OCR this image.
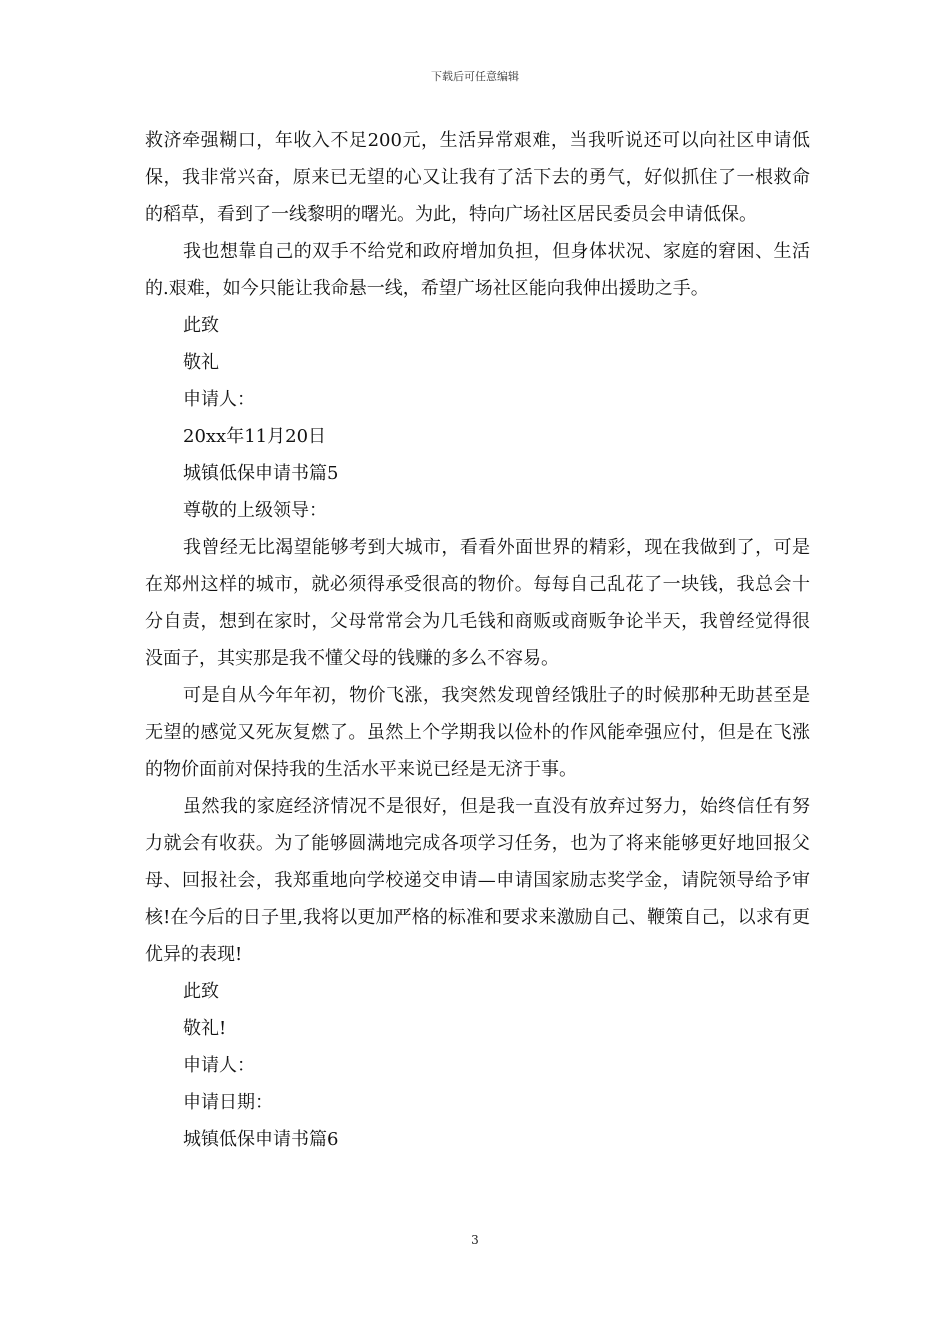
下载后可任意编辑

救济牵强糊口，年收入不足200元，生活异常艰难，当我听说还可以向社区申请低保，我非常兴奋，原来已无望的心又让我有了活下去的勇气，好似抓住了一根救命的稻草，看到了一线黎明的曙光。为此，特向广场社区居民委员会申请低保。

我也想靠自己的双手不给党和政府增加负担，但身体状况、家庭的窘困、生活的.艰难，如今只能让我命悬一线，希望广场社区能向我伸出援助之手。

此致

敬礼

申请人：

20xx年11月20日

城镇低保申请书篇5

尊敬的上级领导：

我曾经无比渴望能够考到大城市，看看外面世界的精彩，现在我做到了，可是在郑州这样的城市，就必须得承受很高的物价。每每自己乱花了一块钱，我总会十分自责，想到在家时，父母常常会为几毛钱和商贩或商贩争论半天，我曾经觉得很没面子，其实那是我不懂父母的钱赚的多么不容易。

可是自从今年年初，物价飞涨，我突然发现曾经饿肚子的时候那种无助甚至是无望的感觉又死灰复燃了。虽然上个学期我以俭朴的作风能牵强应付，但是在飞涨的物价面前对保持我的生活水平来说已经是无济于事。

虽然我的家庭经济情况不是很好，但是我一直没有放弃过努力，始终信任有努力就会有收获。为了能够圆满地完成各项学习任务，也为了将来能够更好地回报父母、回报社会，我郑重地向学校递交申请—申请国家励志奖学金，请院领导给予审核!在今后的日子里,我将以更加严格的标准和要求来激励自己、鞭策自己，以求有更优异的表现!

此致

敬礼!

申请人：

申请日期：

城镇低保申请书篇6

3
